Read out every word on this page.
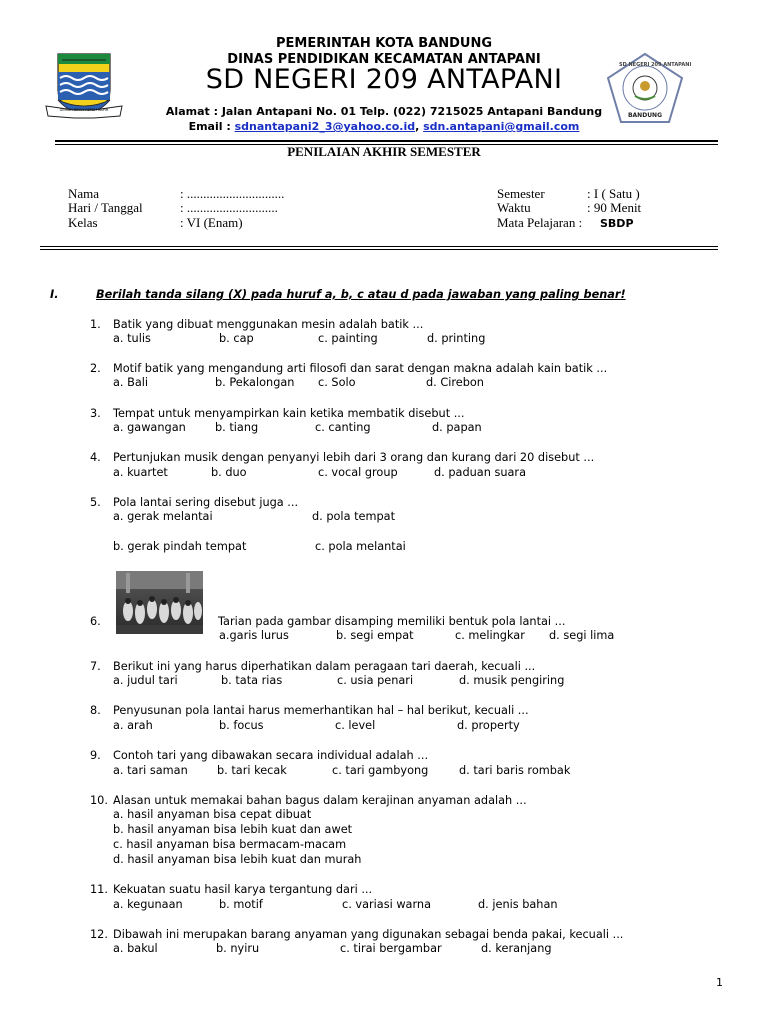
GEMAH RIPAH REPEH RAPIH
SD NEGERI 209 ANTAPANI
BANDUNG
PEMERINTAH KOTA BANDUNG
DINAS PENDIDIKAN KECAMATAN ANTAPANI
SD NEGERI 209 ANTAPANI
Alamat : Jalan Antapani No. 01 Telp. (022) 7215025 Antapani Bandung
Email : sdnantapani2_3@yahoo.co.id, sdn.antapani@gmail.com
PENILAIAN AKHIR SEMESTER
Nama	: ..............................
Hari / Tanggal	: ............................
Kelas	: VI (Enam)
Semester	: I ( Satu )
Waktu	: 90 Menit
Mata Pelajaran : SBDP
I.	Berilah tanda silang (X) pada huruf a, b, c atau d pada jawaban yang paling benar!
1. Batik yang dibuat menggunakan mesin adalah batik ...
a. tulis	b. cap	c. painting	d. printing
2. Motif batik yang mengandung arti filosofi dan sarat dengan makna adalah kain batik ...
a. Bali	b. Pekalongan c. Solo	d. Cirebon
3. Tempat untuk menyampirkan kain ketika membatik disebut ...
a. gawangan	b. tiang	c. canting	d. papan
4. Pertunjukan musik dengan penyanyi lebih dari 3 orang dan kurang dari 20 disebut ...
a. kuartet	b. duo	c. vocal group	d. paduan suara
5. Pola lantai sering disebut juga ...
a. gerak melantai	d. pola tempat
b. gerak pindah tempat	c. pola melantai
6.	Tarian pada gambar disamping memiliki bentuk pola lantai ...
a.garis lurus	b. segi empat	c. melingkar d. segi lima
7. Berikut ini yang harus diperhatikan dalam peragaan tari daerah, kecuali ...
a. judul tari	b. tata rias	c. usia penari	d. musik pengiring
8. Penyusunan pola lantai harus memerhantikan hal – hal berikut, kecuali ...
a. arah	b. focus	c. level	d. property
9. Contoh tari yang dibawakan secara individual adalah ...
a. tari saman	b. tari kecak	c. tari gambyong	d. tari baris rombak
10. Alasan untuk memakai bahan bagus dalam kerajinan anyaman adalah ...
a. hasil anyaman bisa cepat dibuat
b. hasil anyaman bisa lebih kuat dan awet
c. hasil anyaman bisa bermacam-macam
d. hasil anyaman bisa lebih kuat dan murah
11. Kekuatan suatu hasil karya tergantung dari ...
a. kegunaan	b. motif	c. variasi warna	d. jenis bahan
12. Dibawah ini merupakan barang anyaman yang digunakan sebagai benda pakai, kecuali ...
a. bakul	b. nyiru	c. tirai bergambar	d. keranjang
1
